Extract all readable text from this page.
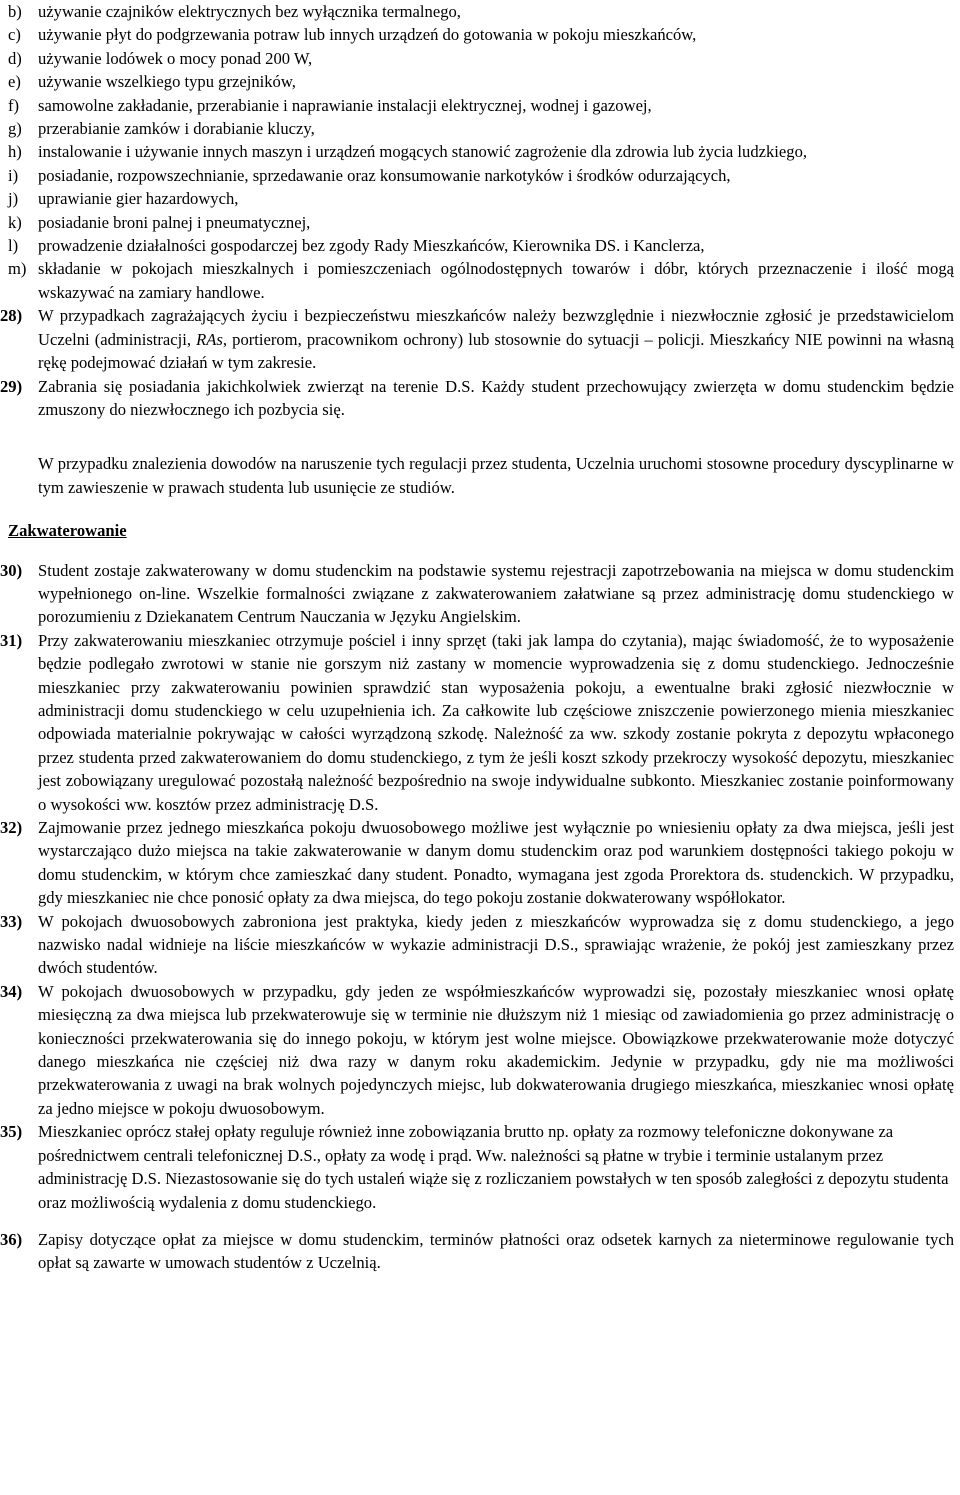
b) używanie czajników elektrycznych bez wyłącznika termalnego,
c) używanie płyt do podgrzewania potraw lub innych urządzeń do gotowania w pokoju mieszkańców,
d) używanie lodówek o mocy ponad 200 W,
e) używanie wszelkiego typu grzejników,
f) samowolne zakładanie, przerabianie i naprawianie instalacji elektrycznej, wodnej i gazowej,
g) przerabianie zamków i dorabianie kluczy,
h) instalowanie i używanie innych maszyn i urządzeń mogących stanowić zagrożenie dla zdrowia lub życia ludzkiego,
i) posiadanie, rozpowszechnianie, sprzedawanie oraz konsumowanie narkotyków i środków odurzających,
j) uprawianie gier hazardowych,
k) posiadanie broni palnej i pneumatycznej,
l) prowadzenie działalności gospodarczej bez zgody Rady Mieszkańców, Kierownika DS. i Kanclerza,
m) składanie w pokojach mieszkalnych i pomieszczeniach ogólnodostępnych towarów i dóbr, których przeznaczenie i ilość mogą wskazywać na zamiary handlowe.
28) W przypadkach zagrażających życiu i bezpieczeństwu mieszkańców należy bezwzględnie i niezwłocznie zgłosić je przedstawicielom Uczelni (administracji, RAs, portierom, pracownikom ochrony) lub stosownie do sytuacji – policji. Mieszkańcy NIE powinni na własną rękę podejmować działań w tym zakresie.
29) Zabrania się posiadania jakichkolwiek zwierząt na terenie D.S. Każdy student przechowujący zwierzęta w domu studenckim będzie zmuszony do niezwłocznego ich pozbycia się.
W przypadku znalezienia dowodów na naruszenie tych regulacji przez studenta, Uczelnia uruchomi stosowne procedury dyscyplinarne w tym zawieszenie w prawach studenta lub usunięcie ze studiów.
Zakwaterowanie
30) Student zostaje zakwaterowany w domu studenckim na podstawie systemu rejestracji zapotrzebowania na miejsca w domu studenckim wypełnionego on-line. Wszelkie formalności związane z zakwaterowaniem załatwiane są przez administrację domu studenckiego w porozumieniu z Dziekanatem Centrum Nauczania w Języku Angielskim.
31) Przy zakwaterowaniu mieszkaniec otrzymuje pościel i inny sprzęt (taki jak lampa do czytania), mając świadomość, że to wyposażenie będzie podlegało zwrotowi w stanie nie gorszym niż zastany w momencie wyprowadzenia się z domu studenckiego. Jednocześnie mieszkaniec przy zakwaterowaniu powinien sprawdzić stan wyposażenia pokoju, a ewentualne braki zgłosić niezwłocznie w administracji domu studenckiego w celu uzupełnienia ich. Za całkowite lub częściowe zniszczenie powierzonego mienia mieszkaniec odpowiada materialnie pokrywając w całości wyrządzoną szkodę. Należność za ww. szkody zostanie pokryta z depozytu wpłaconego przez studenta przed zakwaterowaniem do domu studenckiego, z tym że jeśli koszt szkody przekroczy wysokość depozytu, mieszkaniec jest zobowiązany uregulować pozostałą należność bezpośrednio na swoje indywidualne subkonto. Mieszkaniec zostanie poinformowany o wysokości ww. kosztów przez administrację D.S.
32) Zajmowanie przez jednego mieszkańca pokoju dwuosobowego możliwe jest wyłącznie po wniesieniu opłaty za dwa miejsca, jeśli jest wystarczająco dużo miejsca na takie zakwaterowanie w danym domu studenckim oraz pod warunkiem dostępności takiego pokoju w domu studenckim, w którym chce zamieszkać dany student. Ponadto, wymagana jest zgoda Prorektora ds. studenckich. W przypadku, gdy mieszkaniec nie chce ponosić opłaty za dwa miejsca, do tego pokoju zostanie dokwaterowany współlokator.
33) W pokojach dwuosobowych zabroniona jest praktyka, kiedy jeden z mieszkańców wyprowadza się z domu studenckiego, a jego nazwisko nadal widnieje na liście mieszkańców w wykazie administracji D.S., sprawiając wrażenie, że pokój jest zamieszkany przez dwóch studentów.
34) W pokojach dwuosobowych w przypadku, gdy jeden ze współmieszkańców wyprowadzi się, pozostały mieszkaniec wnosi opłatę miesięczną za dwa miejsca lub przekwaterowuje się w terminie nie dłuższym niż 1 miesiąc od zawiadomienia go przez administrację o konieczności przekwaterowania się do innego pokoju, w którym jest wolne miejsce. Obowiązkowe przekwaterowanie może dotyczyć danego mieszkańca nie częściej niż dwa razy w danym roku akademickim. Jedynie w przypadku, gdy nie ma możliwości przekwaterowania z uwagi na brak wolnych pojedynczych miejsc, lub dokwaterowania drugiego mieszkańca, mieszkaniec wnosi opłatę za jedno miejsce w pokoju dwuosobowym.
35) Mieszkaniec oprócz stałej opłaty reguluje również inne zobowiązania brutto np. opłaty za rozmowy telefoniczne dokonywane za pośrednictwem centrali telefonicznej D.S., opłaty za wodę i prąd. Ww. należności są płatne w trybie i terminie ustalanym przez administrację D.S. Niezastosowanie się do tych ustaleń wiąże się z rozliczaniem powstałych w ten sposób zaległości z depozytu studenta oraz możliwością wydalenia z domu studenckiego.
36) Zapisy dotyczące opłat za miejsce w domu studenckim, terminów płatności oraz odsetek karnych za nieterminowe regulowanie tych opłat są zawarte w umowach studentów z Uczelnią.
